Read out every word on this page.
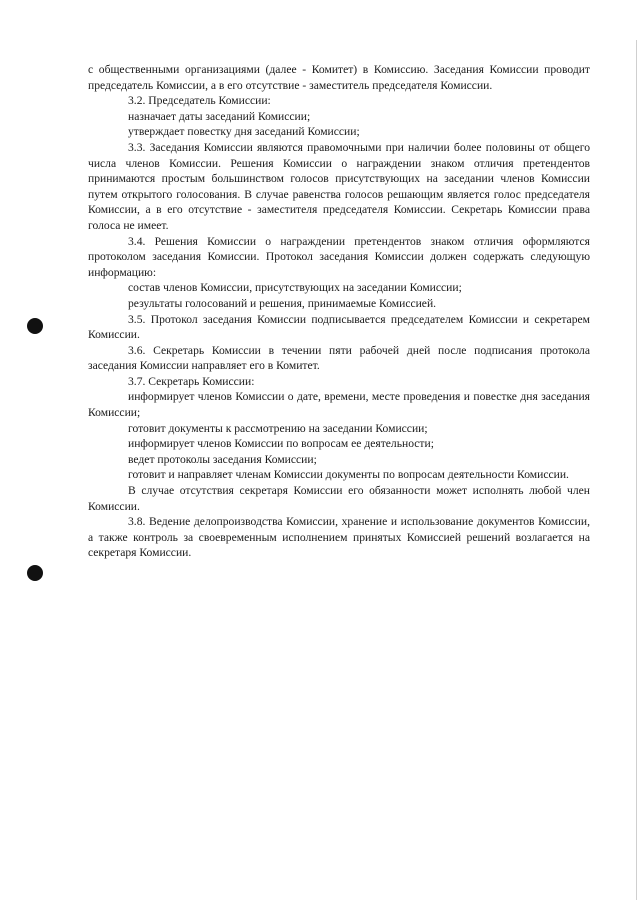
с общественными организациями (далее - Комитет) в Комиссию. Заседания Комиссии проводит председатель Комиссии, а в его отсутствие - заместитель председателя Комиссии.

3.2. Председатель Комиссии:

назначает даты заседаний Комиссии;

утверждает повестку дня заседаний Комиссии;

3.3. Заседания Комиссии являются правомочными при наличии более половины от общего числа членов Комиссии. Решения Комиссии о награждении знаком отличия претендентов принимаются простым большинством голосов присутствующих на заседании членов Комиссии путем открытого голосования. В случае равенства голосов решающим является голос председателя Комиссии, а в его отсутствие - заместителя председателя Комиссии. Секретарь Комиссии права голоса не имеет.

3.4. Решения Комиссии о награждении претендентов знаком отличия оформляются протоколом заседания Комиссии. Протокол заседания Комиссии должен содержать следующую информацию:

состав членов Комиссии, присутствующих на заседании Комиссии;

результаты голосований и решения, принимаемые Комиссией.

3.5. Протокол заседания Комиссии подписывается председателем Комиссии и секретарем Комиссии.

3.6. Секретарь Комиссии в течении пяти рабочей дней после подписания протокола заседания Комиссии направляет его в Комитет.

3.7. Секретарь Комиссии:

информирует членов Комиссии о дате, времени, месте проведения и повестке дня заседания Комиссии;

готовит документы к рассмотрению на заседании Комиссии;

информирует членов Комиссии по вопросам ее деятельности;

ведет протоколы заседания Комиссии;

готовит и направляет членам Комиссии документы по вопросам деятельности Комиссии.

В случае отсутствия секретаря Комиссии его обязанности может исполнять любой член Комиссии.

3.8. Ведение делопроизводства Комиссии, хранение и использование документов Комиссии, а также контроль за своевременным исполнением принятых Комиссией решений возлагается на секретаря Комиссии.
